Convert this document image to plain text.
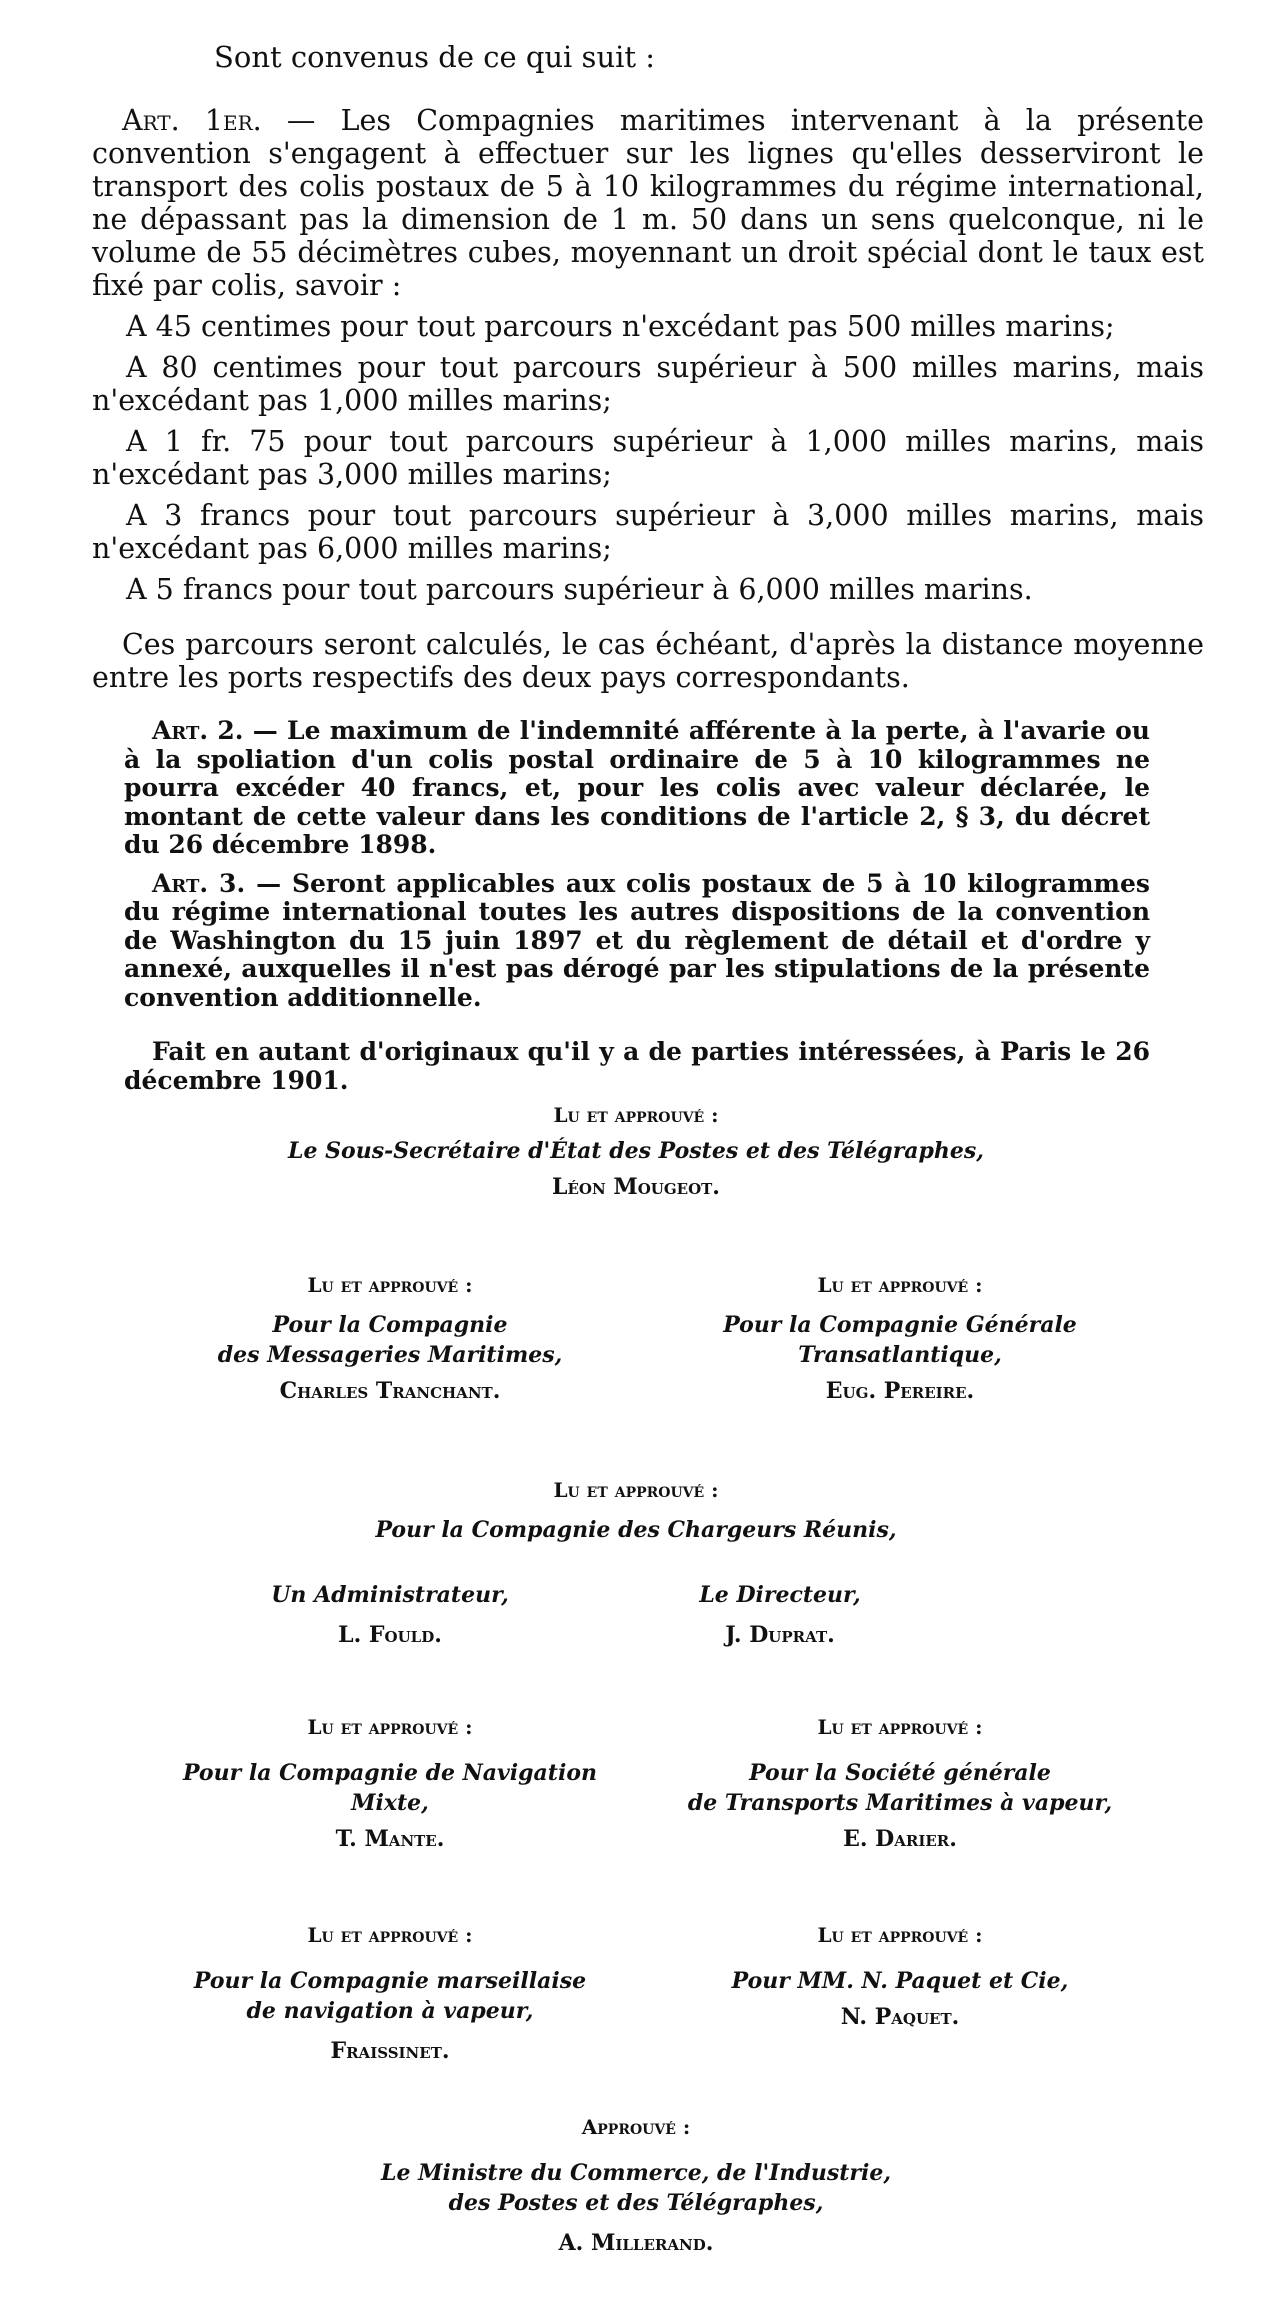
Sont convenus de ce qui suit :

Art. 1er. — Les Compagnies maritimes intervenant à la présente convention s'engagent à effectuer sur les lignes qu'elles desserviront le transport des colis postaux de 5 à 10 kilogrammes du régime international, ne dépassant pas la dimension de 1 m. 50 dans un sens quelconque, ni le volume de 55 décimètres cubes, moyennant un droit spécial dont le taux est fixé par colis, savoir :

A 45 centimes pour tout parcours n'excédant pas 500 milles marins;

A 80 centimes pour tout parcours supérieur à 500 milles marins, mais n'excédant pas 1,000 milles marins;

A 1 fr. 75 pour tout parcours supérieur à 1,000 milles marins, mais n'excédant pas 3,000 milles marins;

A 3 francs pour tout parcours supérieur à 3,000 milles marins, mais n'excédant pas 6,000 milles marins;

A 5 francs pour tout parcours supérieur à 6,000 milles marins.

Ces parcours seront calculés, le cas échéant, d'après la distance moyenne entre les ports respectifs des deux pays correspondants.

Art. 2. — Le maximum de l'indemnité afférente à la perte, à l'avarie ou à la spoliation d'un colis postal ordinaire de 5 à 10 kilogrammes ne pourra excéder 40 francs, et, pour les colis avec valeur déclarée, le montant de cette valeur dans les conditions de l'article 2, § 3, du décret du 26 décembre 1898.

Art. 3. — Seront applicables aux colis postaux de 5 à 10 kilogrammes du régime international toutes les autres dispositions de la convention de Washington du 15 juin 1897 et du règlement de détail et d'ordre y annexé, auxquelles il n'est pas dérogé par les stipulations de la présente convention additionnelle.

Fait en autant d'originaux qu'il y a de parties intéressées, à Paris le 26 décembre 1901.

Lu et approuvé :
Le Sous-Secrétaire d'État des Postes et des Télégraphes,
Léon Mougeot.
Lu et approuvé :
Pour la Compagnie
des Messageries Maritimes,
Charles Tranchant.
Lu et approuvé :
Pour la Compagnie Générale Transatlantique,
Eug. Pereire.
Lu et approuvé :
Pour la Compagnie des Chargeurs Réunis,
Un Administrateur,
L. Fould.
Le Directeur,
J. Duprat.
Lu et approuvé :
Pour la Compagnie de Navigation Mixte,
T. Mante.
Lu et approuvé :
Pour la Société générale
de Transports Maritimes à vapeur,
E. Darier.
Lu et approuvé :
Pour la Compagnie marseillaise
de navigation à vapeur,
Fraissinet.
Lu et approuvé :
Pour MM. N. Paquet et Cie,
N. Paquet.
Approuvé :
Le Ministre du Commerce, de l'Industrie,
des Postes et des Télégraphes,
A. Millerand.
